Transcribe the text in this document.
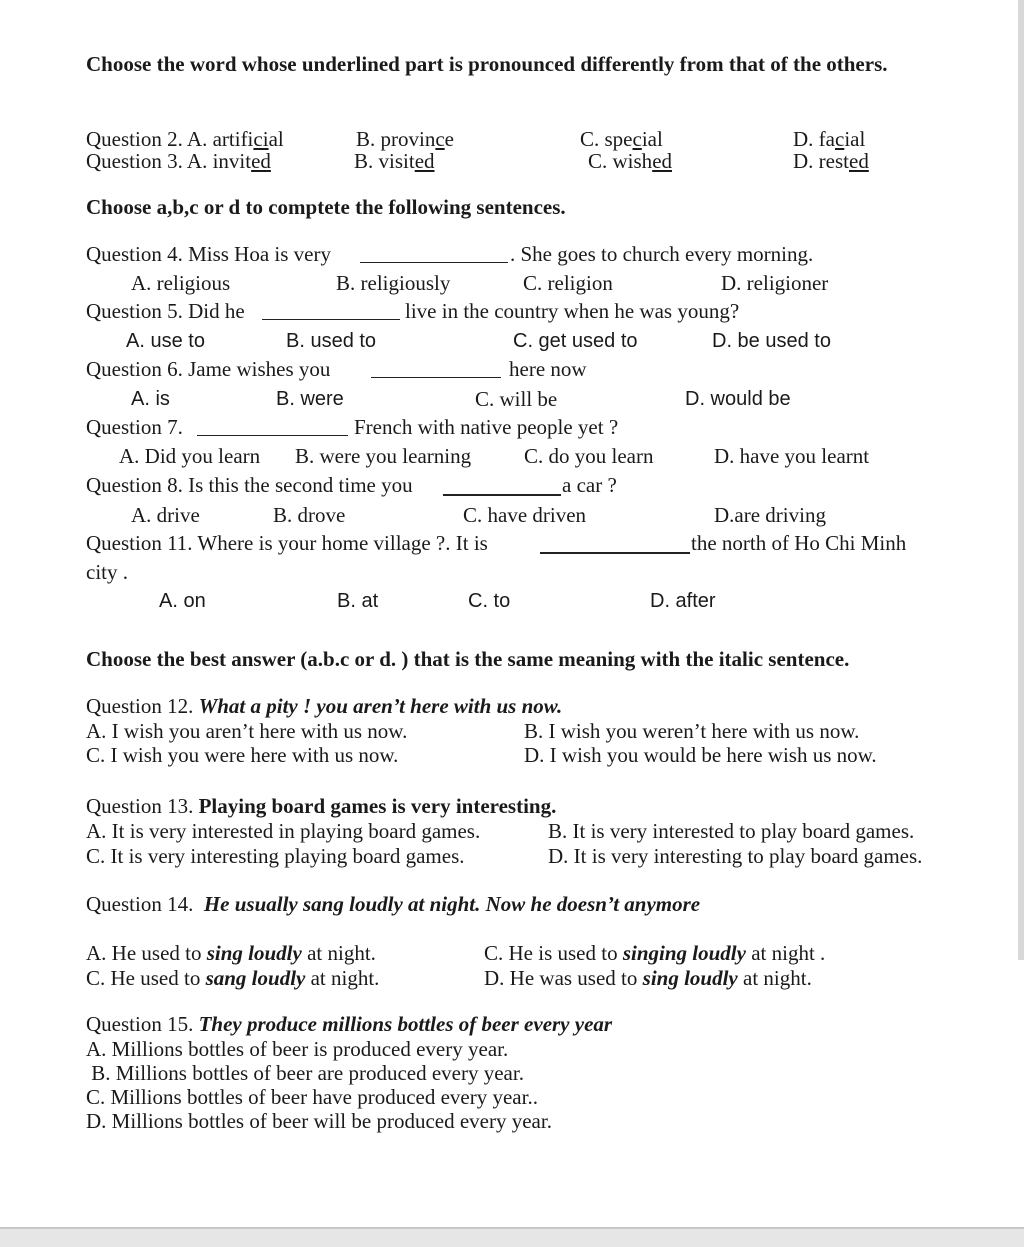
Choose the word whose underlined part is pronounced differently from that of the others.
Question 2. A. artificial	B. province	C. special	D. facial
Question 3. A. invited	B. visited	C. wished	D. rested
Choose a,b,c or d to comptete the following sentences.
Question 4. Miss Hoa is very	. She goes to church every morning.
A. religious	B. religiously	C. religion	D. religioner
Question 5. Did he	live in the country when he was young?
A. use to	B. used to	C. get used to	D. be used to
Question 6. Jame wishes you	here now
A. is	B. were	C. will be	D. would be
Question 7.	French with native people yet ?
A. Did you learn B. were you learning	C. do you learn	D. have you learnt
Question 8. Is this the second time you	a car ?
A. drive	B. drove	C. have driven	D.are driving
Question 11. Where is your home village ?. It is	the north of Ho Chi Minh
city .
A. on	B. at	C. to	D. after
Choose the best answer (a.b.c or d. ) that is the same meaning with the italic sentence.
Question 12. What a pity ! you aren’t here with us now.
A. I wish you aren’t here with us now.	B. I wish you weren’t here with us now.
C. I wish you were here with us now.	D. I wish you would be here wish us now.
Question 13. Playing board games is very interesting.
A. It is very interested in playing board games.	B. It is very interested to play board games.
C. It is very interesting playing board games.	D. It is very interesting to play board games.
Question 14. He usually sang loudly at night. Now he doesn’t anymore
A. He used to sing loudly at night.	C. He is used to singing loudly at night .
C. He used to sang loudly at night.	D. He was used to sing loudly at night.
Question 15. They produce millions bottles of beer every year
A. Millions bottles of beer is produced every year.
B. Millions bottles of beer are produced every year.
C. Millions bottles of beer have produced every year..
D. Millions bottles of beer will be produced every year.
